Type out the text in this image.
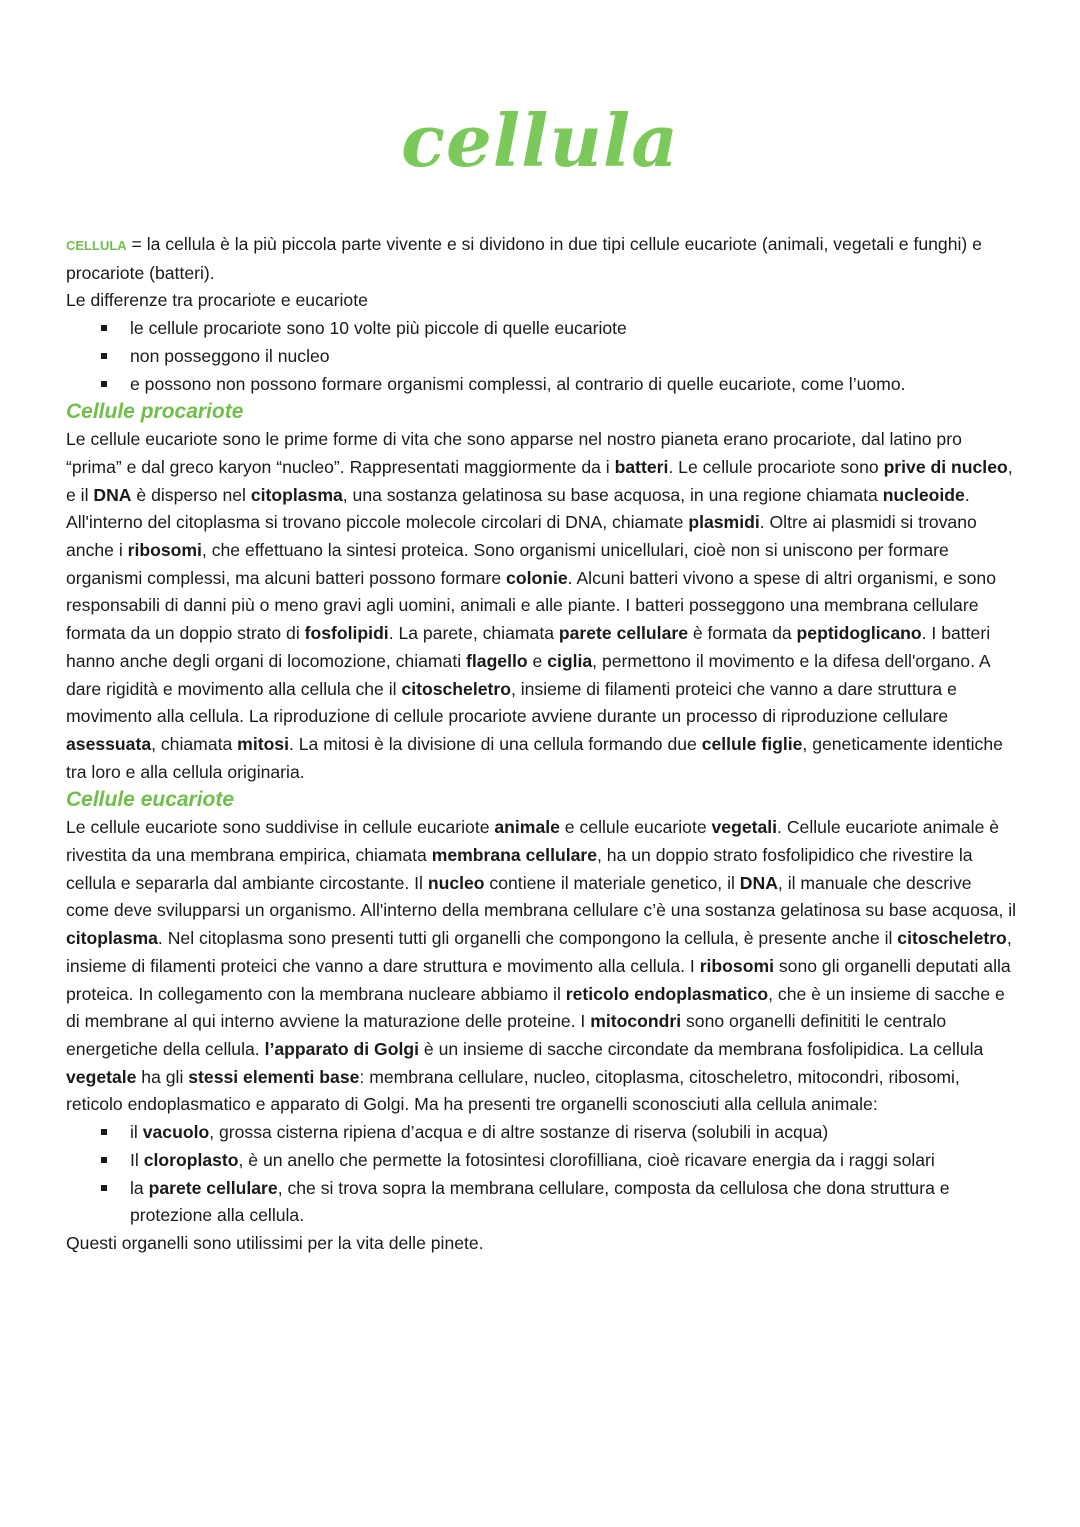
cellula

CELLULA = la cellula è la più piccola parte vivente e si dividono in due tipi cellule eucariote (animali, vegetali e funghi) e procariote (batteri).

Le differenze tra procariote e eucariote

le cellule procariote sono 10 volte più piccole di quelle eucariote
non posseggono il nucleo
e possono non possono formare organismi complessi, al contrario di quelle eucariote, come l’uomo.
Cellule procariote

Le cellule eucariote sono le prime forme di vita che sono apparse nel nostro pianeta erano procariote, dal latino pro “prima” e dal greco karyon “nucleo”. Rappresentati maggiormente da i batteri. Le cellule procariote sono prive di nucleo, e il DNA è disperso nel citoplasma, una sostanza gelatinosa su base acquosa, in una regione chiamata nucleoide. All'interno del citoplasma si trovano piccole molecole circolari di DNA, chiamate plasmidi. Oltre ai plasmidi si trovano anche i ribosomi, che effettuano la sintesi proteica. Sono organismi unicellulari, cioè non si uniscono per formare organismi complessi, ma alcuni batteri possono formare colonie. Alcuni batteri vivono a spese di altri organismi, e sono responsabili di danni più o meno gravi agli uomini, animali e alle piante. I batteri posseggono una membrana cellulare formata da un doppio strato di fosfolipidi. La parete, chiamata parete cellulare è formata da peptidoglicano. I batteri hanno anche degli organi di locomozione, chiamati flagello e ciglia, permettono il movimento e la difesa dell'organo. A dare rigidità e movimento alla cellula che il citoscheletro, insieme di filamenti proteici che vanno a dare struttura e movimento alla cellula. La riproduzione di cellule procariote avviene durante un processo di riproduzione cellulare asessuata, chiamata mitosi. La mitosi è la divisione di una cellula formando due cellule figlie, geneticamente identiche tra loro e alla cellula originaria.

Cellule eucariote

Le cellule eucariote sono suddivise in cellule eucariote animale e cellule eucariote vegetali. Cellule eucariote animale è rivestita da una membrana empirica, chiamata membrana cellulare, ha un doppio strato fosfolipidico che rivestire la cellula e separarla dal ambiante circostante. Il nucleo contiene il materiale genetico, il DNA, il manuale che descrive come deve svilupparsi un organismo. All'interno della membrana cellulare c’è una sostanza gelatinosa su base acquosa, il citoplasma. Nel citoplasma sono presenti tutti gli organelli che compongono la cellula, è presente anche il citoscheletro, insieme di filamenti proteici che vanno a dare struttura e movimento alla cellula. I ribosomi sono gli organelli deputati alla proteica. In collegamento con la membrana nucleare abbiamo il reticolo endoplasmatico, che è un insieme di sacche e di membrane al qui interno avviene la maturazione delle proteine. I mitocondri sono organelli definititi le centralo energetiche della cellula. l’apparato di Golgi è un insieme di sacche circondate da membrana fosfolipidica. La cellula vegetale ha gli stessi elementi base: membrana cellulare, nucleo, citoplasma, citoscheletro, mitocondri, ribosomi, reticolo endoplasmatico e apparato di Golgi. Ma ha presenti tre organelli sconosciuti alla cellula animale:

il vacuolo, grossa cisterna ripiena d’acqua e di altre sostanze di riserva (solubili in acqua)
Il cloroplasto, è un anello che permette la fotosintesi clorofilliana, cioè ricavare energia da i raggi solari
la parete cellulare, che si trova sopra la membrana cellulare, composta da cellulosa che dona struttura e protezione alla cellula.

Questi organelli sono utilissimi per la vita delle pinete.
